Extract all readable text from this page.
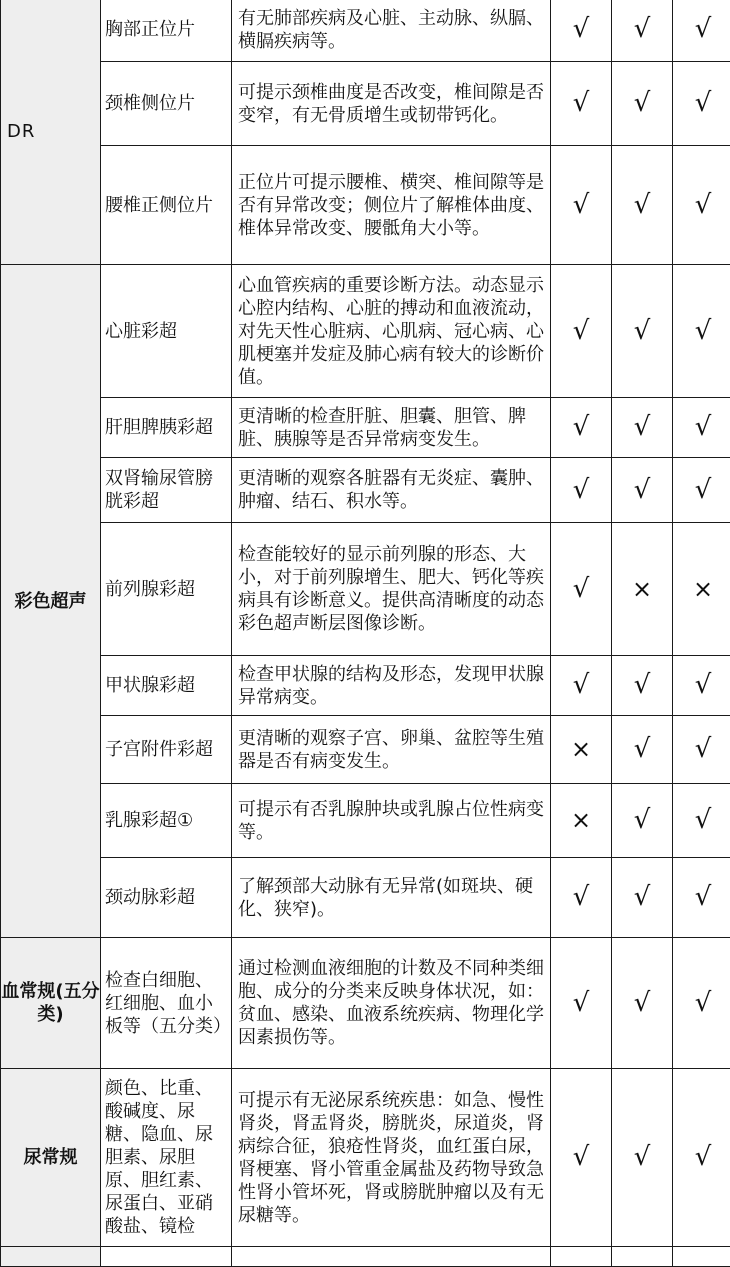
DR	胸部正位片	有无肺部疾病及心脏、主动脉、纵膈、横膈疾病等。	√	√	√
	颈椎侧位片	可提示颈椎曲度是否改变，椎间隙是否变窄，有无骨质增生或韧带钙化。	√	√	√
	腰椎正侧位片	正位片可提示腰椎、横突、椎间隙等是否有异常改变；侧位片了解椎体曲度、椎体异常改变、腰骶角大小等。	√	√	√
彩色超声	心脏彩超	心血管疾病的重要诊断方法。动态显示心腔内结构、心脏的搏动和血液流动，对先天性心脏病、心肌病、冠心病、心肌梗塞并发症及肺心病有较大的诊断价值。	√	√	√
	肝胆脾胰彩超	更清晰的检查肝脏、胆囊、胆管、脾脏、胰腺等是否异常病变发生。	√	√	√
	双肾输尿管膀胱彩超	更清晰的观察各脏器有无炎症、囊肿、肿瘤、结石、积水等。	√	√	√
	前列腺彩超	检查能较好的显示前列腺的形态、大小，对于前列腺增生、肥大、钙化等疾病具有诊断意义。提供高清晰度的动态彩色超声断层图像诊断。	√	×	×
	甲状腺彩超	检查甲状腺的结构及形态，发现甲状腺异常病变。	√	√	√
	子宫附件彩超	更清晰的观察子宫、卵巢、盆腔等生殖器是否有病变发生。	×	√	√
	乳腺彩超①	可提示有否乳腺肿块或乳腺占位性病变等。	×	√	√
	颈动脉彩超	了解颈部大动脉有无异常(如斑块、硬化、狭窄)。	√	√	√
血常规(五分类)	检查白细胞、红细胞、血小板等（五分类）	通过检测血液细胞的计数及不同种类细胞、成分的分类来反映身体状况，如：贫血、感染、血液系统疾病、物理化学因素损伤等。	√	√	√
尿常规	颜色、比重、酸碱度、尿糖、隐血、尿胆素、尿胆原、胆红素、尿蛋白、亚硝酸盐、镜检	可提示有无泌尿系统疾患：如急、慢性肾炎，肾盂肾炎，膀胱炎，尿道炎，肾病综合征，狼疮性肾炎，血红蛋白尿，肾梗塞、肾小管重金属盐及药物导致急性肾小管坏死，肾或膀胱肿瘤以及有无尿糖等。	√	√	√
